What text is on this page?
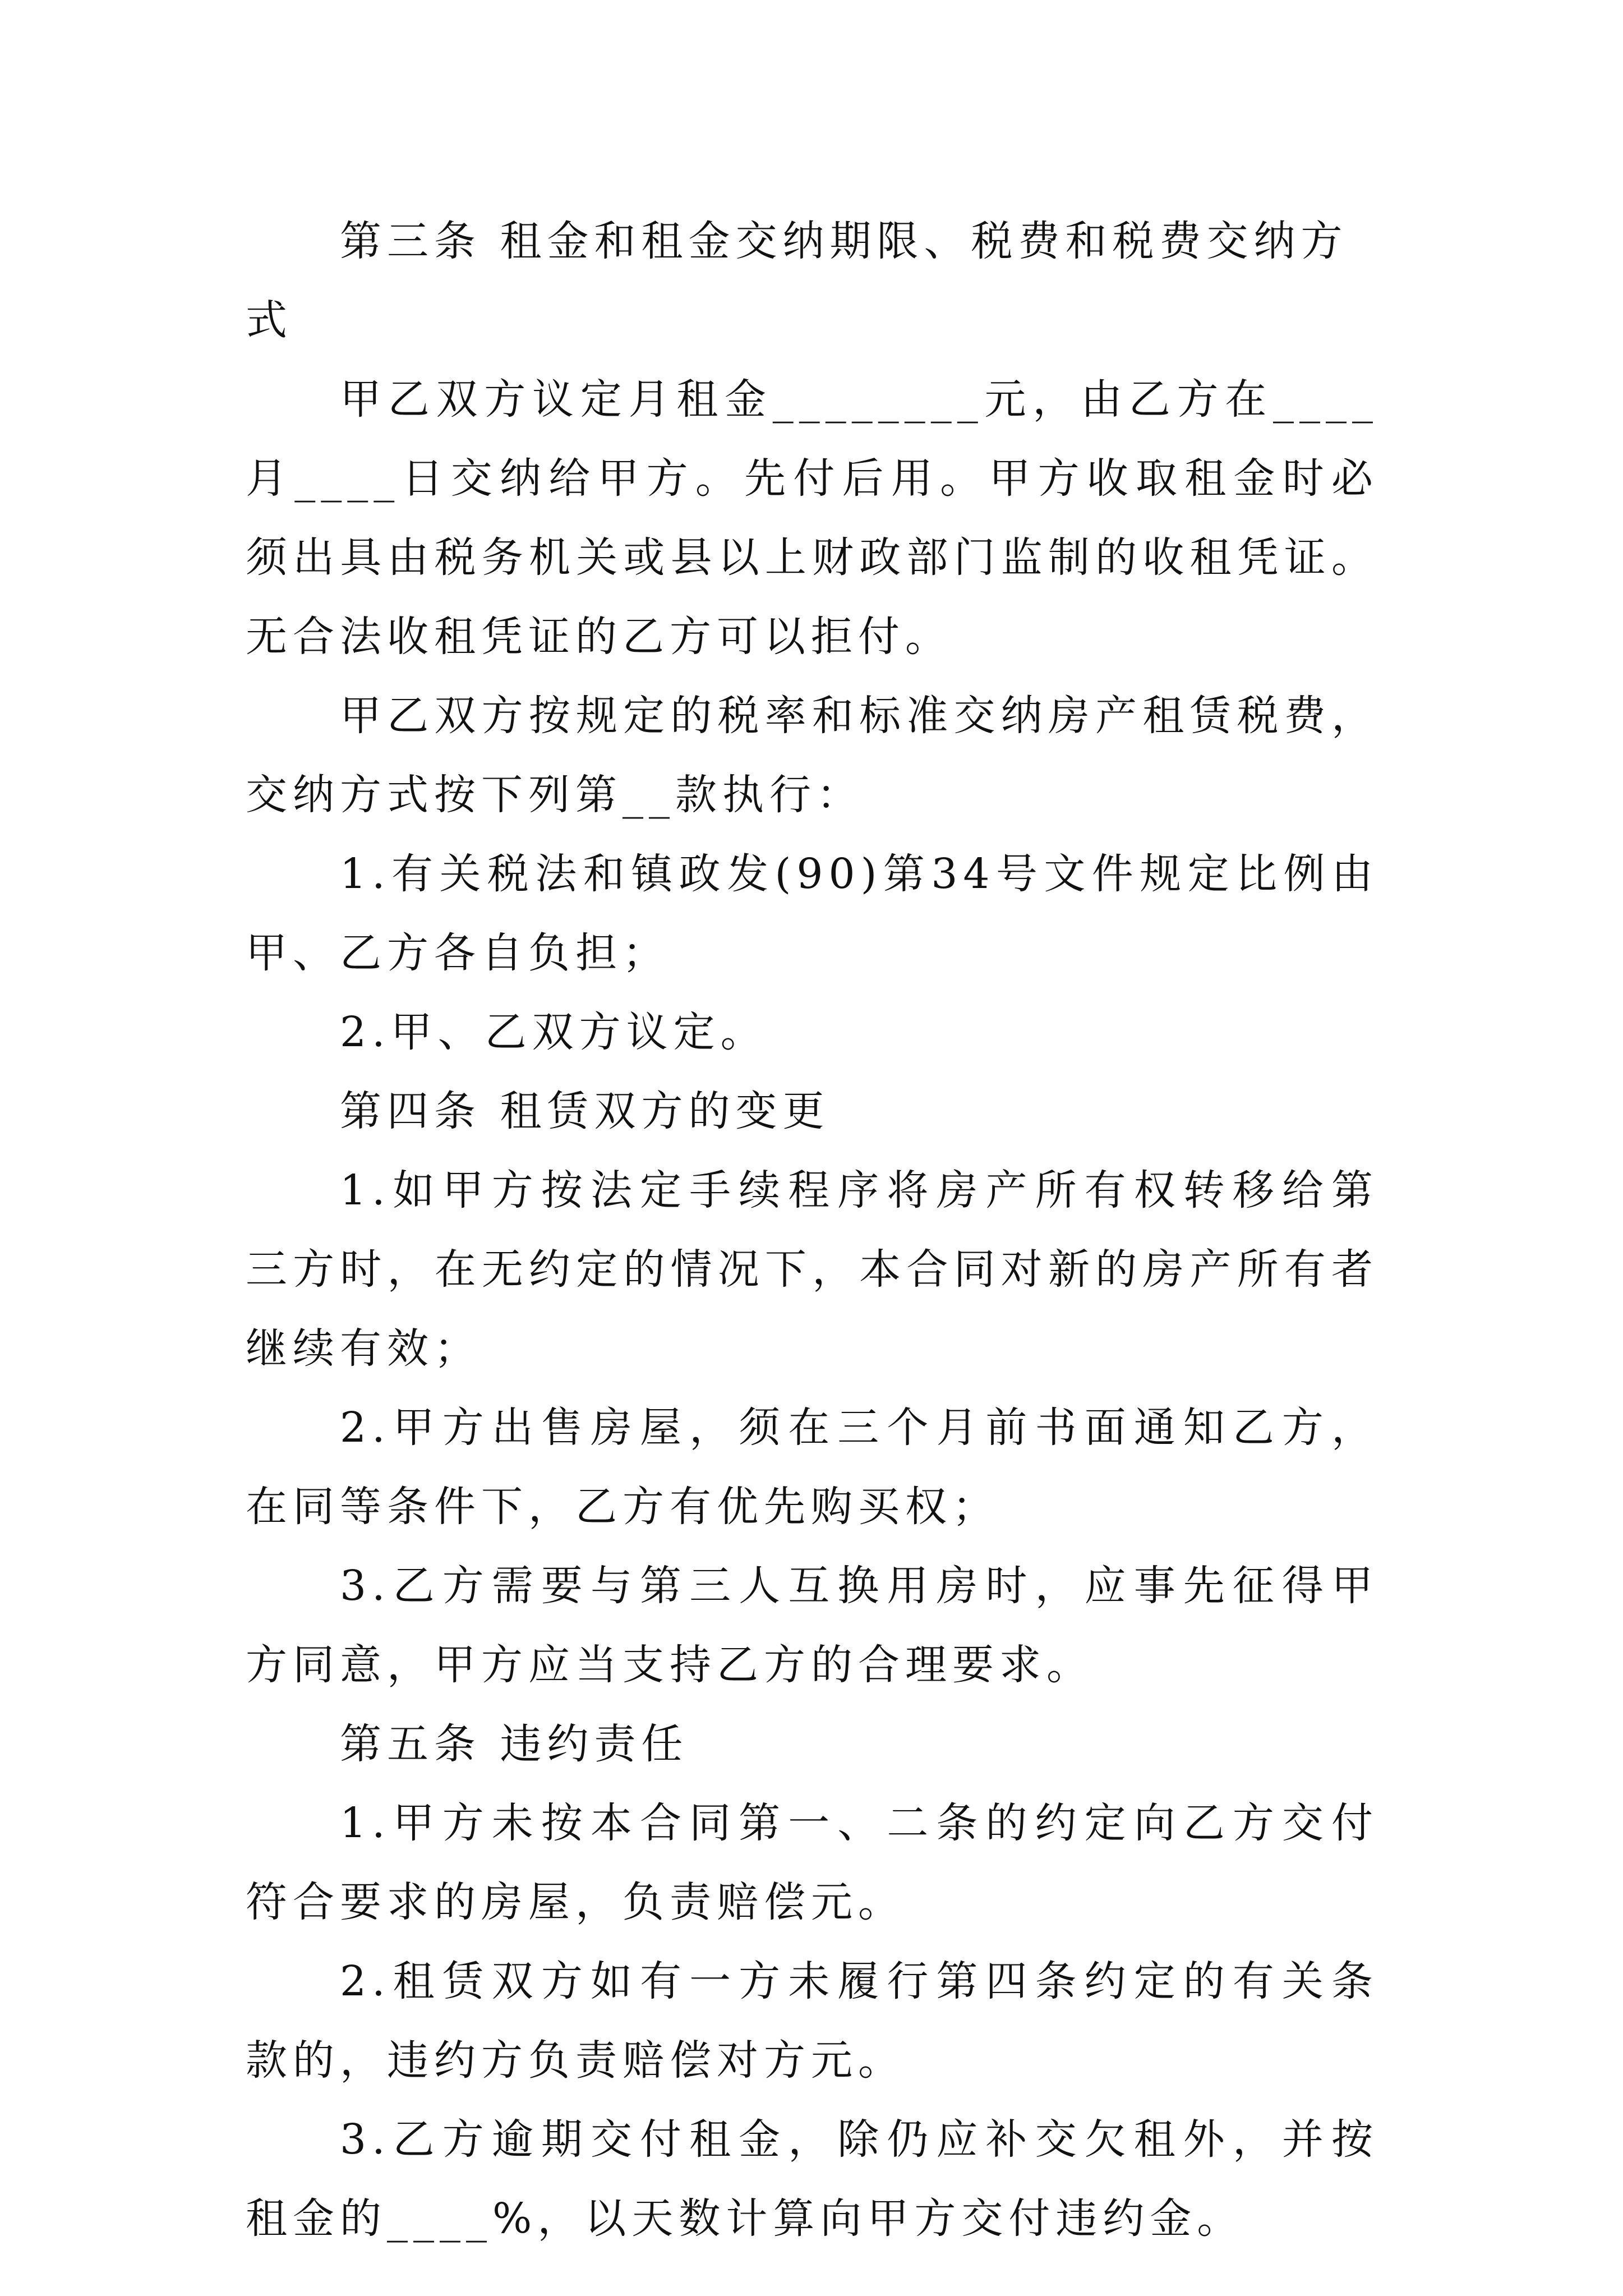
第三条 租金和租金交纳期限、税费和税费交纳方式

甲乙双方议定月租金________元，由乙方在____月____日交纳给甲方。先付后用。甲方收取租金时必须出具由税务机关或县以上财政部门监制的收租凭证。无合法收租凭证的乙方可以拒付。

甲乙双方按规定的税率和标准交纳房产租赁税费，交纳方式按下列第__款执行：

1.有关税法和镇政发(90)第34号文件规定比例由甲、乙方各自负担；

2.甲、乙双方议定。

第四条 租赁双方的变更

1.如甲方按法定手续程序将房产所有权转移给第三方时，在无约定的情况下，本合同对新的房产所有者继续有效；

2.甲方出售房屋，须在三个月前书面通知乙方，在同等条件下，乙方有优先购买权；

3.乙方需要与第三人互换用房时，应事先征得甲方同意，甲方应当支持乙方的合理要求。

第五条 违约责任

1.甲方未按本合同第一、二条的约定向乙方交付符合要求的房屋，负责赔偿元。

2.租赁双方如有一方未履行第四条约定的有关条款的，违约方负责赔偿对方元。

3.乙方逾期交付租金，除仍应补交欠租外，并按租金的____%，以天数计算向甲方交付违约金。
